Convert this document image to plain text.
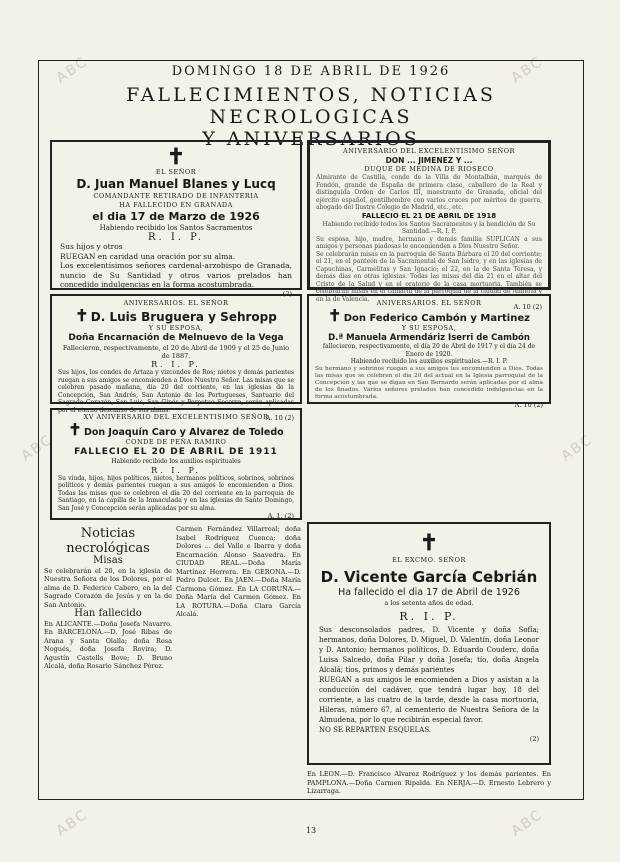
ABC	ABC
ABC	ABC
ABC	ABC
DOMINGO 18 DE ABRIL DE 1926
FALLECIMIENTOS, NOTICIAS NECROLOGICAS
Y ANIVERSARIOS
✝

EL SEÑOR

D. Juan Manuel Blanes y Lucq

COMANDANTE RETIRADO DE INFANTERIA

HA FALLECIDO EN GRANADA

el dia 17 de Marzo de 1926

Habiendo recibido los Santos Sacramentos

R. I. P.

Sus hijos y otros

RUEGAN en caridad una oración por su alma.

Los excelentísimos señores cardenal-arzobispo de Granada, nuncio de Su Santidad y otros varios prelados han concedido indulgencias en la forma acostumbrada.

(2)

ANIVERSARIO DEL EXCELENTISIMO SEÑOR

DON ... JIMENEZ Y ...

DUQUE DE MEDINA DE RIOSECO

Almirante de Castilla, conde de la Villa de Montalbán, marqués de Fondón, grande de España de primera clase, caballero de la Real y distinguida Orden de Carlos III, maestrante de Granada, oficial del ejército español, gentilhombre con varios cruces por méritos de guerra, abogado del Ilustre Colegio de Madrid, etc., etc.

FALLECIO EL 21 DE ABRIL DE 1918

Habiendo recibido todos los Santos Sacramentos y la bendición de Su Santidad.—R. I. P.

Su esposa, hijo, madre, hermano y demás familia SUPLICAN a sus amigos y personas piadosas le encomienden a Dios Nuestro Señor.

Se celebrarán misas en la parroquia de Santa Bárbara el 20 del corriente; el 21, en el panteón de la Sacramental de San Isidro, y en las iglesias de Capuchinas, Carmelitas y San Ignacio; el 22, en la de Santa Teresa, y demás días en otras iglesias. Todas las misas del día 21 en el altar del Cristo de la Salud y en el oratorio de la casa mortuoria. También se celebrarán misas en el camarín de la parroquia de la ciudad de Almería y en la de Valencia.

A. 10 (2)

ANIVERSARIOS. EL SEÑOR

✝ D. Luis Bruguera y Sehropp

Y SU ESPOSA,

Doña Encarnación de Melnuevo de la Vega

Fallecieron, respectivamente, el 20 de Abril de 1909 y el 25 de Junio de 1887.

R. I. P.

Sus hijos, los condes de Artaza y vizcondes de Ros; nietos y demás parientes ruegan a sus amigos se encomienden a Dios Nuestro Señor. Las misas que se celebren pasado mañana, día 20 del corriente, en las iglesias de la Concepción, San Andrés, San Antonio de los Portugueses, Santuario del Sagrado Corazón, San Luis, San Ginés y Perpetuo Socorro, serán aplicadas por el eterno descanso de sus almas.

A. 10 (2)

ANIVERSARIOS. EL SEÑOR

✝ Don Federico Cambón y Martinez

Y SU ESPOSA,

D.ª Manuela Armendáriz Iserri de Cambón

fallecieron, respectivamente, el día 20 de Abril de 1917 y el día 24 de Enero de 1920.

Habiendo recibido los auxilios espirituales.—R. I. P.

Su hermano y sobrinos ruegan a sus amigos les encomienden a Dios. Todas las misas que se celebren el día 20 del actual en la Iglesia parroquial de la Concepción y las que se digan en San Bernardo serán aplicadas por el alma de los finados. Varios señores prelados han concedido indulgencias en la forma acostumbrada.

A. 10 (2)

XV ANIVERSARIO DEL EXCELENTISIMO SEÑOR

✝ Don Joaquín Caro y Alvarez de Toledo

CONDE DE PEÑA RAMIRO

FALLECIO EL 20 DE ABRIL DE 1911

Habiendo recibido los auxilios espirituales

R. I. P.

Su viuda, hijos, hijos políticos, nietos, hermanos políticos, sobrinos, sobrinos políticos y demás parientes ruegan a sus amigos le encomienden a Dios. Todas las misas que se celebren el día 20 del corriente en la parroquia de Santiago, en la capilla de la Inmaculada y en las iglesias de Santo Domingo, San José y Concepción serán aplicadas por su alma.

A. 1. (2)

✝

EL EXCMO. SEÑOR

D. Vicente García Cebrián

Ha fallecido el dia 17 de Abril de 1926

a los setenta años de edad.

R. I. P.

Sus desconsolados padres, D. Vicente y doña Sofía; hermanos, doña Dolores, D. Miguel, D. Valentín, doña Leonor y D. Antonio; hermanos políticos, D. Eduardo Couderc, doña Luisa Salcedo, doña Pilar y doña Josefa; tío, doña Angela Alcalá; tíos, primos y demás parientes

RUEGAN a sus amigos le encomienden a Dios y asistan a la conducción del cadáver, que tendrá lugar hoy, 18 del corriente, a las cuatro de la tarde, desde la casa mortuoria, Hileras, número 67, al cementerio de Nuestra Señora de la Almudena, por lo que recibirán especial favor.

NO SE REPARTEN ESQUELAS.

(2)

Noticias necrológicas
Misas

Se celebrarán el 20, en la iglesia de Nuestra Señora de los Dolores, por el alma de D. Federico Cabero, en la del Sagrado Corazón de Jesús y en la de San Antonio.

Han fallecido

En ALICANTE.—Doña Josefa Navarro. En BARCELONA.—D. José Ribas de Arana y Santa Olalla; doña Rosa Nogués, doña Josefa Rovira; D. Agustín Castells Bove; D. Bruno Alcalá, doña Rosario Sánchez Pérez.

Carmen Fernández Villarreal; doña Isabel Rodríguez Cuenca; doña Dolores ... del Valle e Ibarra y doña Encarnación Alonso Saavedra. En CIUDAD REAL.—Doña María Martínez Herrera. En GERONA.—D. Pedro Dulcet. En JAEN.—Doña María Carmona Gómez. En LA CORUÑA.—Doña María del Carmen Gómez. En LA ROTURA.—Doña Clara García Alcalá.

En LEON.—D. Francisco Alvarez Rodríguez y los demás parientes. En PAMPLONA.—Doña Carmen Ripalda. En NERJA.—D. Ernesto Lebrero y Lizarraga.

13
